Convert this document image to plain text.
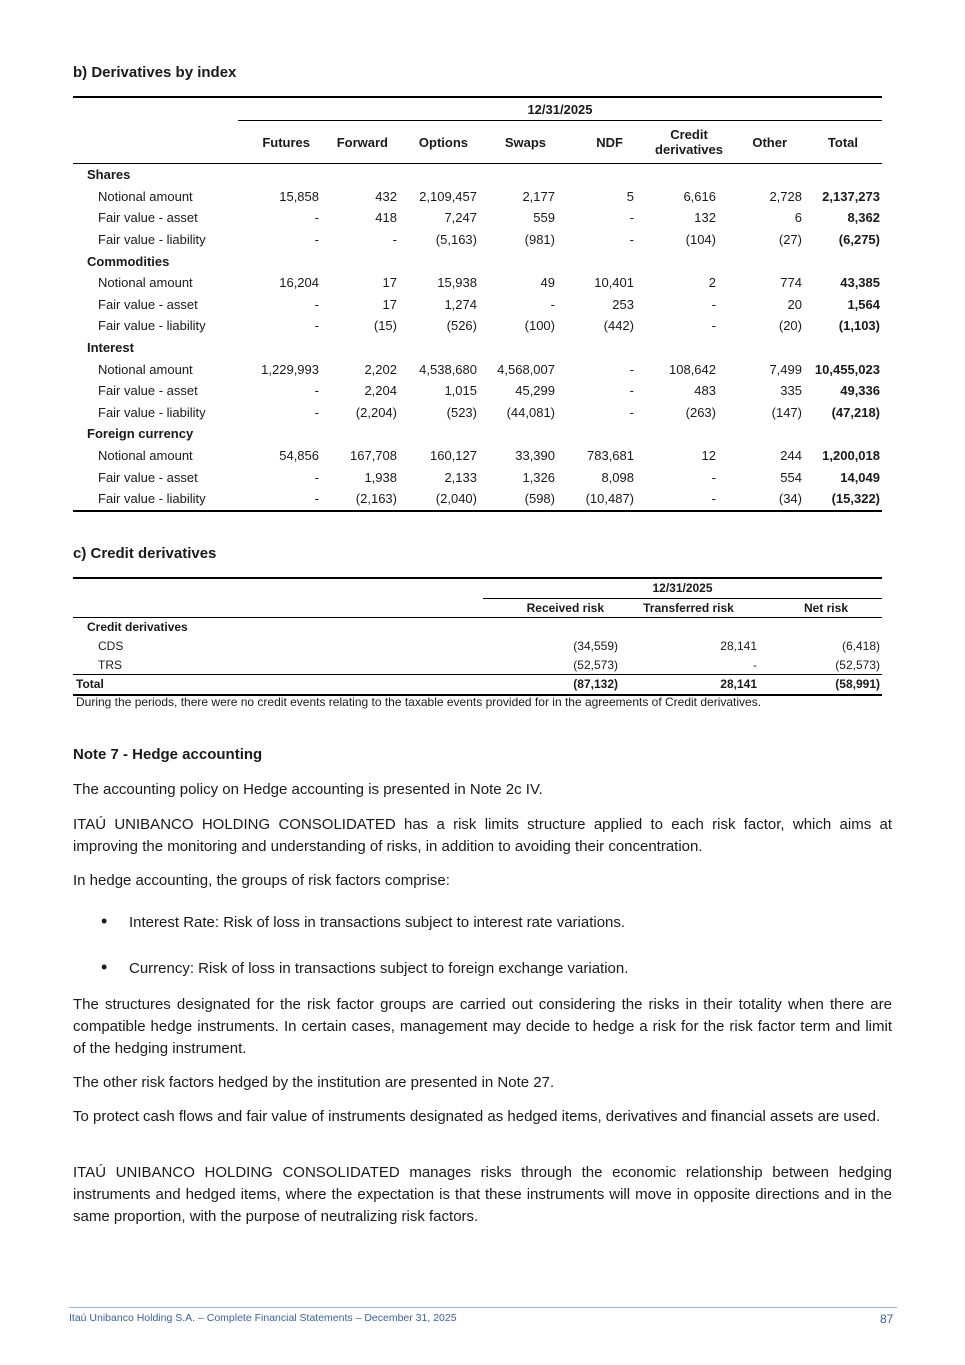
b) Derivatives by index
	12/31/2025							
	Futures	Forward	Options	Swaps	NDF	Credit derivatives	Other	Total
Shares								
Notional amount	15,858	432	2,109,457	2,177	5	6,616	2,728	2,137,273
Fair value - asset	-	418	7,247	559	-	132	6	8,362
Fair value - liability	-	-	(5,163)	(981)	-	(104)	(27)	(6,275)
Commodities								
Notional amount	16,204	17	15,938	49	10,401	2	774	43,385
Fair value - asset	-	17	1,274	-	253	-	20	1,564
Fair value - liability	-	(15)	(526)	(100)	(442)	-	(20)	(1,103)
Interest								
Notional amount	1,229,993	2,202	4,538,680	4,568,007	-	108,642	7,499	10,455,023
Fair value - asset	-	2,204	1,015	45,299	-	483	335	49,336
Fair value - liability	-	(2,204)	(523)	(44,081)	-	(263)	(147)	(47,218)
Foreign currency								
Notional amount	54,856	167,708	160,127	33,390	783,681	12	244	1,200,018
Fair value - asset	-	1,938	2,133	1,326	8,098	-	554	14,049
Fair value - liability	-	(2,163)	(2,040)	(598)	(10,487)	-	(34)	(15,322)
c) Credit derivatives
	12/31/2025		
	Received risk	Transferred risk	Net risk
Credit derivatives			
CDS	(34,559)	28,141	(6,418)
TRS	(52,573)	-	(52,573)
Total	(87,132)	28,141	(58,991)
During the periods, there were no credit events relating to the taxable events provided for in the agreements of Credit derivatives.
Note 7 - Hedge accounting
The accounting policy on Hedge accounting is presented in Note 2c IV.
ITAÚ UNIBANCO HOLDING CONSOLIDATED has a risk limits structure applied to each risk factor, which aims at improving the monitoring and understanding of risks, in addition to avoiding their concentration.
In hedge accounting, the groups of risk factors comprise:
• Interest Rate: Risk of loss in transactions subject to interest rate variations.
• Currency: Risk of loss in transactions subject to foreign exchange variation.
The structures designated for the risk factor groups are carried out considering the risks in their totality when there are compatible hedge instruments. In certain cases, management may decide to hedge a risk for the risk factor term and limit of the hedging instrument.
The other risk factors hedged by the institution are presented in Note 27.
To protect cash flows and fair value of instruments designated as hedged items, derivatives and financial assets are used.
ITAÚ UNIBANCO HOLDING CONSOLIDATED manages risks through the economic relationship between hedging instruments and hedged items, where the expectation is that these instruments will move in opposite directions and in the same proportion, with the purpose of neutralizing risk factors.
Itaú Unibanco Holding S.A. – Complete Financial Statements – December 31, 2025	87
